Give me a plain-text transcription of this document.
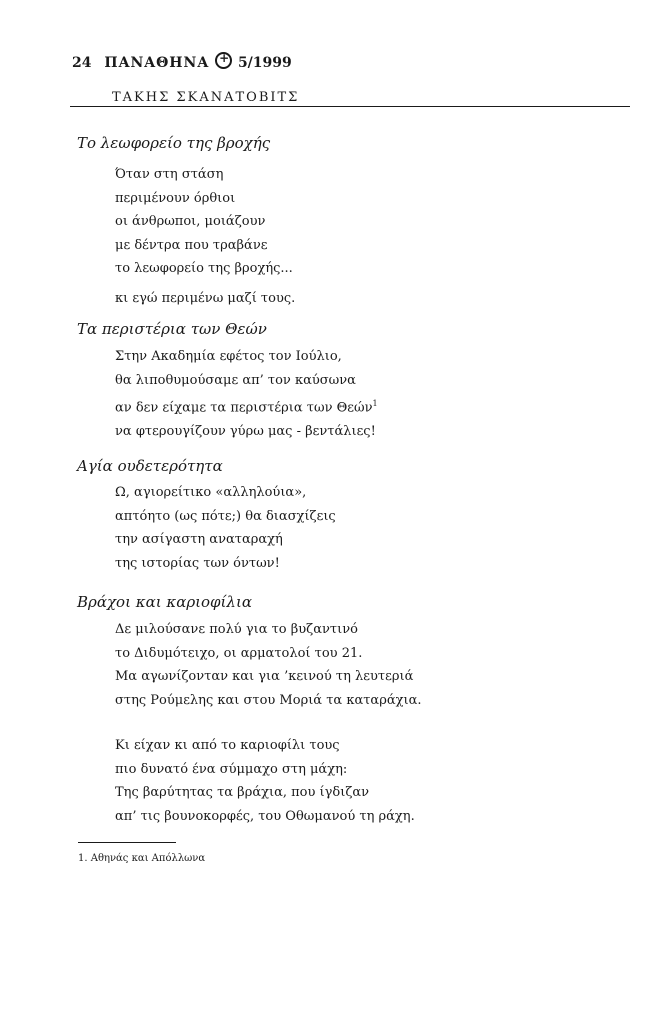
24 ΠΑΝΑΘΗΝΑ + 5/1999
ΤΑΚΗΣ ΣΚΑΝΑΤΟΒΙΤΣ
Το λεωφορείο της βροχής
Όταν στη στάση
περιμένουν όρθιοι
οι άνθρωποι, μοιάζουν
με δέντρα που τραβάνε
το λεωφορείο της βροχής...
κι εγώ περιμένω μαζί τους.
Τα περιστέρια των Θεών
Στην Ακαδημία εφέτος τον Ιούλιο,
θα λιποθυμούσαμε απ’ τον καύσωνα
αν δεν είχαμε τα περιστέρια των Θεών$^1$
να φτερουγίζουν γύρω μας - βεντάλιες!
Αγία ουδετερότητα
Ω, αγιορείτικο «αλληλούια»,
απτόητο (ως πότε;) θα διασχίζεις
την ασίγαστη αναταραχή
της ιστορίας των όντων!
Βράχοι και καριοφίλια
Δε μιλούσανε πολύ για το βυζαντινό
το Διδυμότειχο, οι αρματολοί του 21.
Μα αγωνίζονταν και για ’κεινού τη λευτεριά
στης Ρούμελης και στου Μοριά τα καταράχια.
Κι είχαν κι από το καριοφίλι τους
πιο δυνατό ένα σύμμαχο στη μάχη:
Της βαρύτητας τα βράχια, που ίγδιζαν
απ’ τις βουνοκορφές, του Οθωμανού τη ράχη.
1. Αθηνάς και Απόλλωνα
